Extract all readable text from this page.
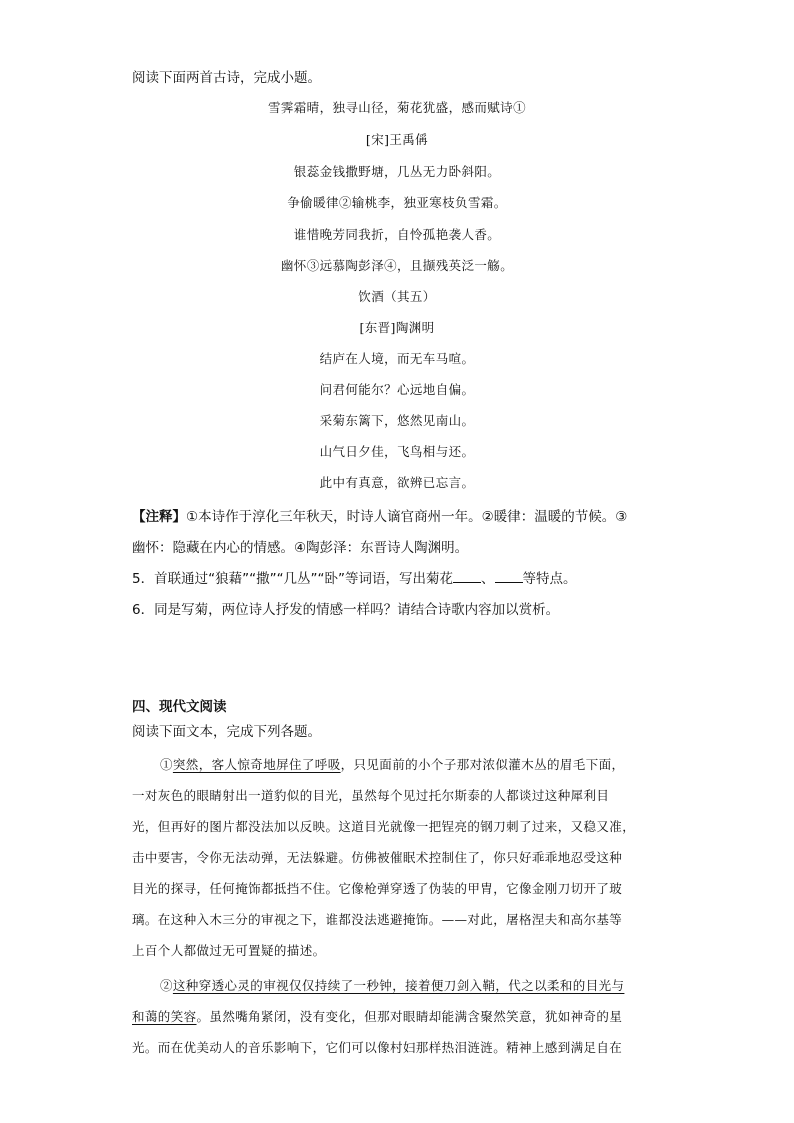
阅读下面两首古诗，完成小题。
雪霁霜晴，独寻山径，菊花犹盛，感而赋诗①
[宋]王禹偁
银蕊金钱撒野塘，几丛无力卧斜阳。
争偷暖律②输桃李，独亚寒枝负雪霜。
谁惜晚芳同我折，自怜孤艳袭人香。
幽怀③远慕陶彭泽④，且撷残英泛一觞。
饮酒（其五）
[东晋]陶渊明
结庐在人境，而无车马喧。
问君何能尔？心远地自偏。
采菊东篱下，悠然见南山。
山气日夕佳，飞鸟相与还。
此中有真意，欲辨已忘言。
【注释】①本诗作于淳化三年秋天，时诗人谪官商州一年。②暖律：温暖的节候。③
幽怀：隐藏在内心的情感。④陶彭泽：东晋诗人陶渊明。
5．首联通过“狼藉”“撒”“几丛”“卧”等词语，写出菊花 、 等特点。
6．同是写菊，两位诗人抒发的情感一样吗？请结合诗歌内容加以赏析。
四、现代文阅读
阅读下面文本，完成下列各题。
①突然，客人惊奇地屏住了呼吸，只见面前的小个子那对浓似灌木丛的眉毛下面，
一对灰色的眼睛射出一道豹似的目光，虽然每个见过托尔斯泰的人都谈过这种犀利目
光，但再好的图片都没法加以反映。这道目光就像一把锃亮的钢刀刺了过来，又稳又准，
击中要害，令你无法动弹，无法躲避。仿佛被催眠术控制住了，你只好乖乖地忍受这种
目光的探寻，任何掩饰都抵挡不住。它像枪弹穿透了伪装的甲胄，它像金刚刀切开了玻
璃。在这种入木三分的审视之下，谁都没法逃避掩饰。——对此，屠格涅夫和高尔基等
上百个人都做过无可置疑的描述。
②这种穿透心灵的审视仅仅持续了一秒钟，接着便刀剑入鞘，代之以柔和的目光与
和蔼的笑容。虽然嘴角紧闭，没有变化，但那对眼睛却能满含聚然笑意，犹如神奇的星
光。而在优美动人的音乐影响下，它们可以像村妇那样热泪涟涟。精神上感到满足自在
